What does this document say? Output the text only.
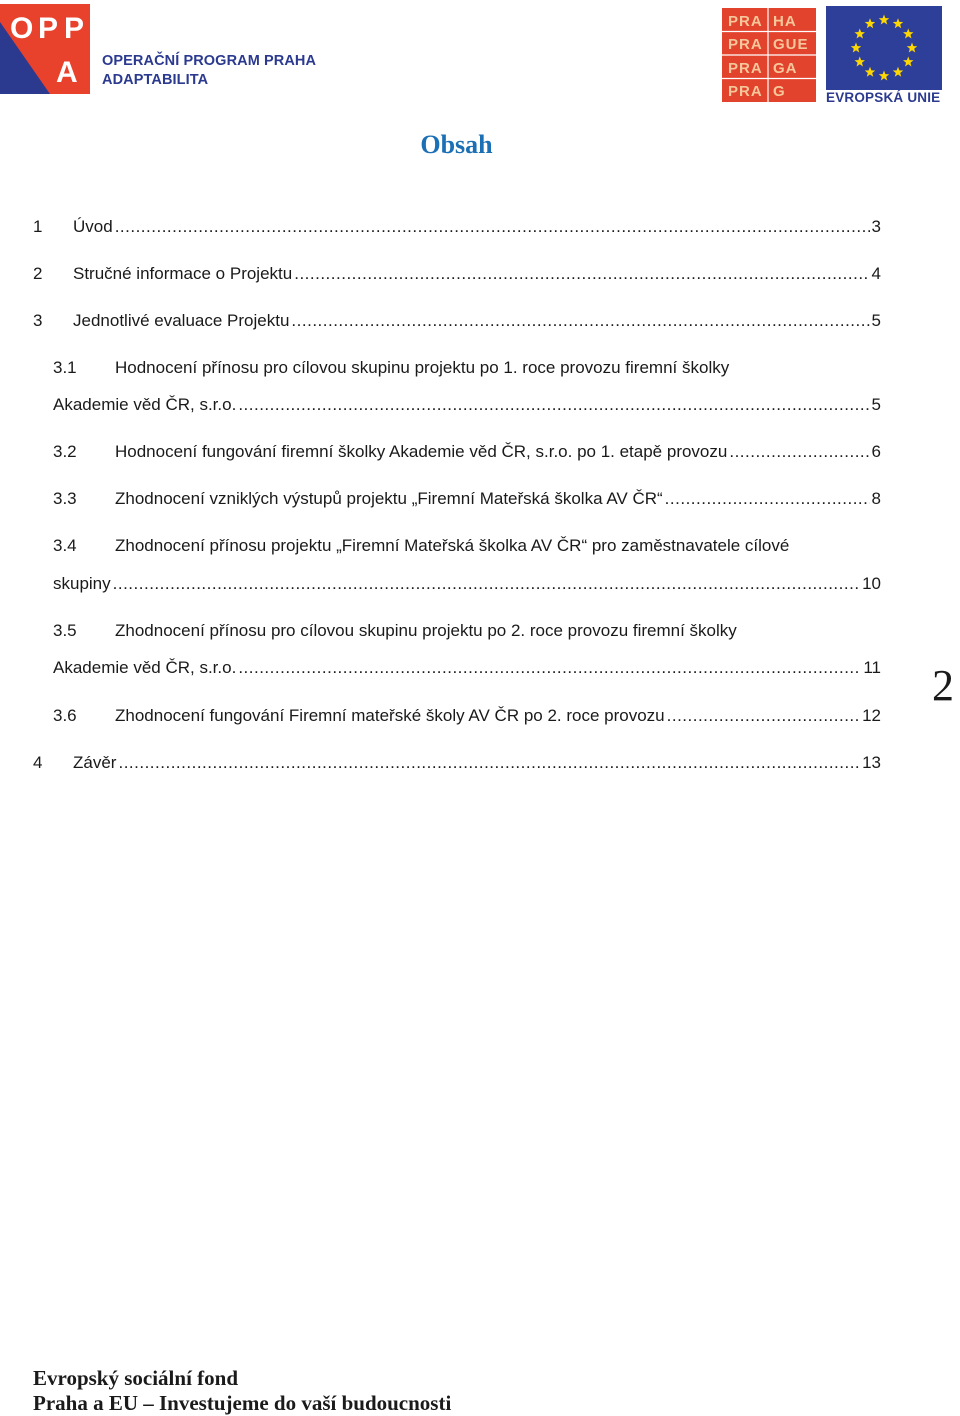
O P P
A OPERAČNÍ PROGRAM PRAHA
ADAPTABILITA
PRA HA
PRA GUE
PRA GA
PRA G	EVROPSKÁ UNIE
Obsah
1 Úvod .....	3
2 Stručné informace o Projektu .....	4
3 Jednotlivé evaluace Projektu .....	5
3.1 Hodnocení přínosu pro cílovou skupinu projektu po 1. roce provozu firemní školky
Akademie věd ČR, s.r.o. .....	5
3.2 Hodnocení fungování firemní školky Akademie věd ČR, s.r.o. po 1. etapě provozu .....	6
3.3 Zhodnocení vzniklých výstupů projektu „Firemní Mateřská školka AV ČR“ .....	8
3.4 Zhodnocení přínosu projektu „Firemní Mateřská školka AV ČR“ pro zaměstnavatele cílové
skupiny .....	10
3.5 Zhodnocení přínosu pro cílovou skupinu projektu po 2. roce provozu firemní školky
Akademie věd ČR, s.r.o. .....	11
3.6 Zhodnocení fungování Firemní mateřské školy AV ČR po 2. roce provozu .....	12
4 Závěr .....	13
2
Evropský sociální fond
Praha a EU – Investujeme do vaší budoucnosti
